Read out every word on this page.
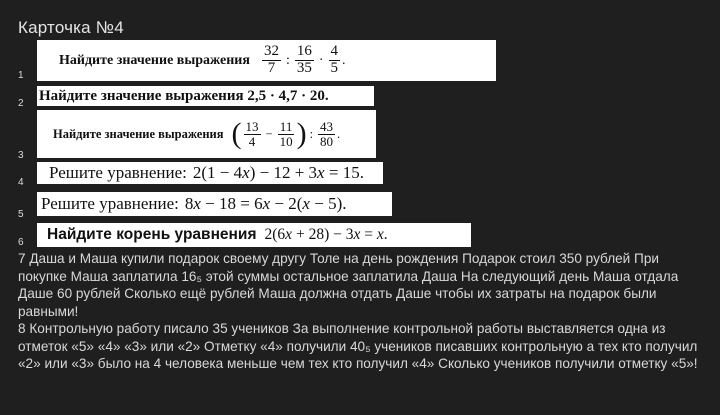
Карточка №4
1
Найдите значение выражения $\frac{32}{7}$ : $\frac{16}{35} \cdot \frac{4}{5}$ .
2 Найдите значение выражения 2,5 · 4,7 · 20.
3
Найдите значение выражения ( $\frac{13}{4} - \frac{11}{10}$ ) : $\frac{43}{80}$ .
4
Решите уравнение: 2(1 − 4x) − 12 + 3x = 15.
5
Решите уравнение: 8x − 18 = 6x − 2(x − 5).
6 Найдите корень уравнения 2(6x + 28) − 3x = x.
7 Даша и Маша купили подарок своему другу Толе на день рождения Подарок стоил 350 рублей При покупке Маша заплатила 16₅ этой суммы остальное заплатила Даша На следующий день Маша отдала Даше 60 рублей Сколько ещё рублей Маша должна отдать Даше чтобы их затраты на подарок были равными!
8 Контрольную работу писало 35 учеников За выполнение контрольной работы выставляется одна из отметок «5» «4» «3» или «2» Отметку «4» получили 40₅ учеников писавших контрольную а тех кто получил «2» или «3» было на 4 человека меньше чем тех кто получил «4» Сколько учеников получили отметку «5»!
